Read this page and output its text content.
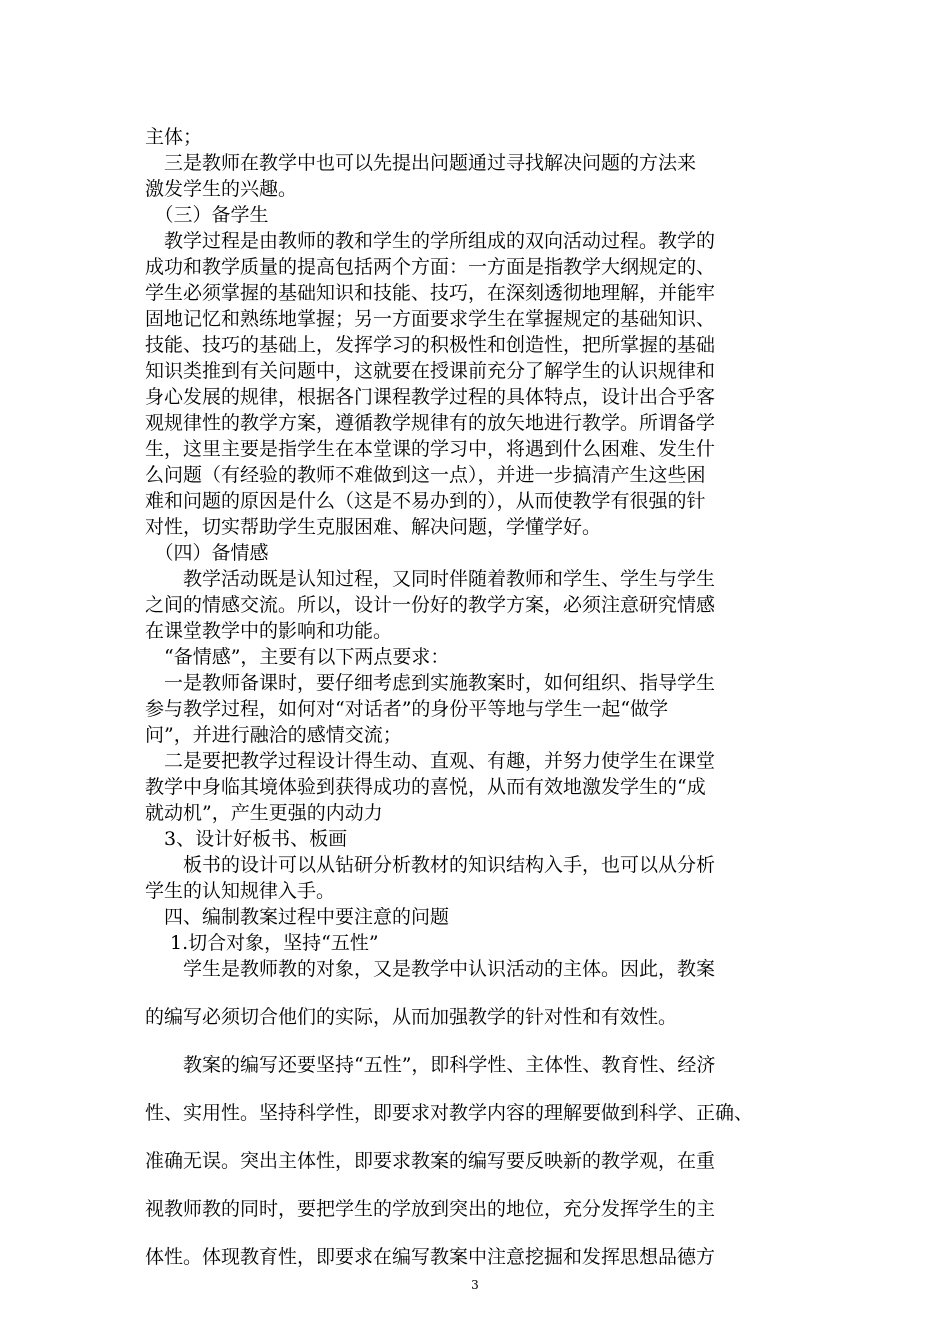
主体；
　三是教师在教学中也可以先提出问题通过寻找解决问题的方法来
激发学生的兴趣。
　（三）备学生
　教学过程是由教师的教和学生的学所组成的双向活动过程。教学的
成功和教学质量的提高包括两个方面：一方面是指教学大纲规定的、
学生必须掌握的基础知识和技能、技巧，在深刻透彻地理解，并能牢
固地记忆和熟练地掌握；另一方面要求学生在掌握规定的基础知识、
技能、技巧的基础上，发挥学习的积极性和创造性，把所掌握的基础
知识类推到有关问题中，这就要在授课前充分了解学生的认识规律和
身心发展的规律，根据各门课程教学过程的具体特点，设计出合乎客
观规律性的教学方案，遵循教学规律有的放矢地进行教学。所谓备学
生，这里主要是指学生在本堂课的学习中，将遇到什么困难、发生什
么问题（有经验的教师不难做到这一点），并进一步搞清产生这些困
难和问题的原因是什么（这是不易办到的），从而使教学有很强的针
对性，切实帮助学生克服困难、解决问题，学懂学好。
　（四）备情感
　　教学活动既是认知过程，又同时伴随着教师和学生、学生与学生
之间的情感交流。所以，设计一份好的教学方案，必须注意研究情感
在课堂教学中的影响和功能。
　“备情感”，主要有以下两点要求：
　一是教师备课时，要仔细考虑到实施教案时，如何组织、指导学生
参与教学过程，如何对“对话者”的身份平等地与学生一起“做学
问”，并进行融洽的感情交流；
　二是要把教学过程设计得生动、直观、有趣，并努力使学生在课堂
教学中身临其境体验到获得成功的喜悦，从而有效地激发学生的“成
就动机”，产生更强的内动力
　3、设计好板书、板画
　　板书的设计可以从钻研分析教材的知识结构入手，也可以从分析
学生的认知规律入手。
　四、编制教案过程中要注意的问题
　 1.切合对象，坚持“五性”
　　学生是教师教的对象，又是教学中认识活动的主体。因此，教案
的编写必须切合他们的实际，从而加强教学的针对性和有效性。
　　教案的编写还要坚持“五性”，即科学性、主体性、教育性、经济
性、实用性。坚持科学性，即要求对教学内容的理解要做到科学、正确、
准确无误。突出主体性，即要求教案的编写要反映新的教学观，在重
视教师教的同时，要把学生的学放到突出的地位，充分发挥学生的主
体性。体现教育性，即要求在编写教案中注意挖掘和发挥思想品德方
3
